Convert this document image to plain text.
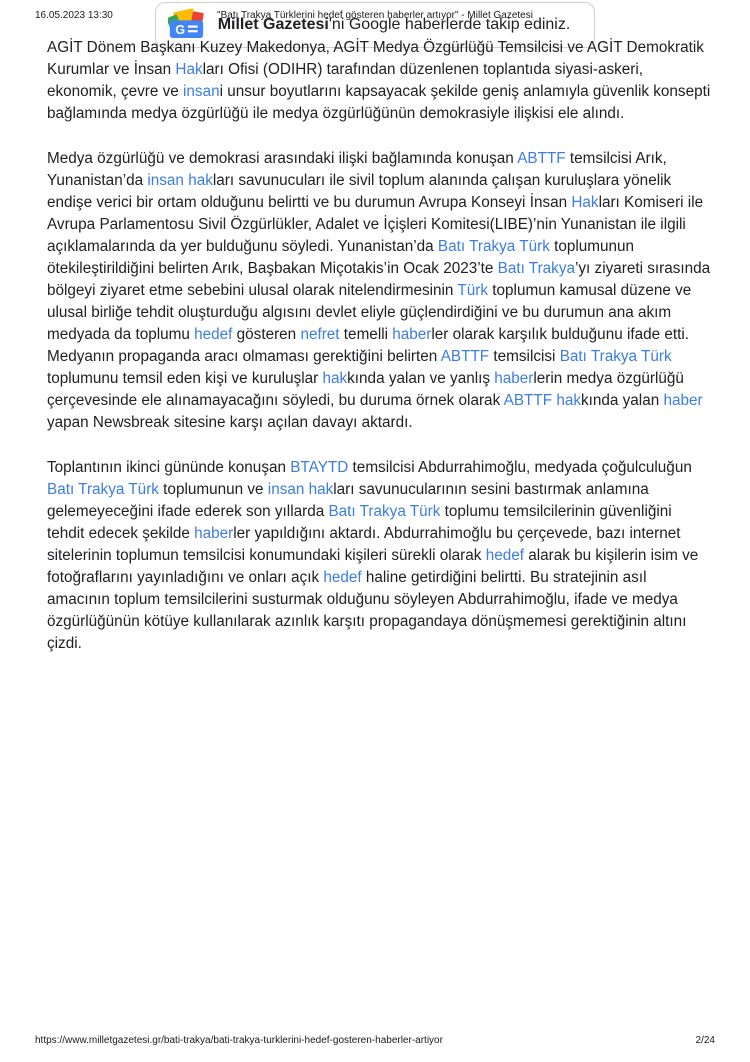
16.05.2023 13:30	"Batı Trakya Türklerini hedef gösteren haberler artıyor" - Millet Gazetesi

AGİT Dönem Başkanı Kuzey Makedonya, AGİT Medya Özgürlüğü Temsilcisi ve AGİT Demokratik Kurumlar ve İnsan Hakları Ofisi (ODIHR) tarafından düzenlenen toplantıda siyasi-askeri, ekonomik, çevre ve insani unsur boyutlarını kapsayacak şekilde geniş anlamıyla güvenlik konsepti bağlamında medya özgürlüğü ile medya özgürlüğünün demokrasiyle ilişkisi ele alındı.

Medya özgürlüğü ve demokrasi arasındaki ilişki bağlamında konuşan ABTTF temsilcisi Arık, Yunanistan’da insan hakları savunucuları ile sivil toplum alanında çalışan kuruluşlara yönelik endişe verici bir ortam olduğunu belirtti ve bu durumun Avrupa Konseyi İnsan Hakları Komiseri ile Avrupa Parlamentosu Sivil Özgürlükler, Adalet ve İçişleri Komitesi(LIBE)’nin Yunanistan ile ilgili açıklamalarında da yer bulduğunu söyledi. Yunanistan’da Batı Trakya Türk toplumunun ötekileştirildiğini belirten Arık, Başbakan Miçotakis’in Ocak 2023’te Batı Trakya’yı ziyareti sırasında bölgeyi ziyaret etme sebebini ulusal olarak nitelendirmesinin Türk toplumun kamusal düzene ve ulusal birliğe tehdit oluşturduğu algısını devlet eliyle güçlendirdiğini ve bu durumun ana akım medyada da toplumu hedef gösteren nefret temelli haberler olarak karşılık bulduğunu ifade etti. Medyanın propaganda aracı olmaması gerektiğini belirten ABTTF temsilcisi Batı Trakya Türk toplumunu temsil eden kişi ve kuruluşlar hakkında yalan ve yanlış haberlerin medya özgürlüğü çerçevesinde ele alınamayacağını söyledi, bu duruma örnek olarak ABTTF hakkında yalan haber yapan Newsbreak sitesine karşı açılan davayı aktardı.

Toplantının ikinci gününde konuşan BTAYTD temsilcisi Abdurrahimoğlu, medyada çoğulculuğun Batı Trakya Türk toplumunun ve insan hakları savunucularının sesini bastırmak anlamına gelemeyeceğini ifade ederek son yıllarda Batı Trakya Türk toplumu temsilcilerinin güvenliğini tehdit edecek şekilde haberler yapıldığını aktardı. Abdurrahimoğlu bu çerçevede, bazı internet sitelerinin toplumun temsilcisi konumundaki kişileri sürekli olarak hedef alarak bu kişilerin isim ve fotoğraflarını yayınladığını ve onları açık hedef haline getirdiğini belirtti. Bu stratejinin asıl amacının toplum temsilcilerini susturmak olduğunu söyleyen Abdurrahimoğlu, ifade ve medya özgürlüğünün kötüye kullanılarak azınlık karşıtı propagandaya dönüşmemesi gerektiğinin altını çizdi.

G Millet Gazetesi'ni Google haberlerde takip ediniz.
https://www.milletgazetesi.gr/bati-trakya/bati-trakya-turklerini-hedef-gosteren-haberler-artiyor	2/24
